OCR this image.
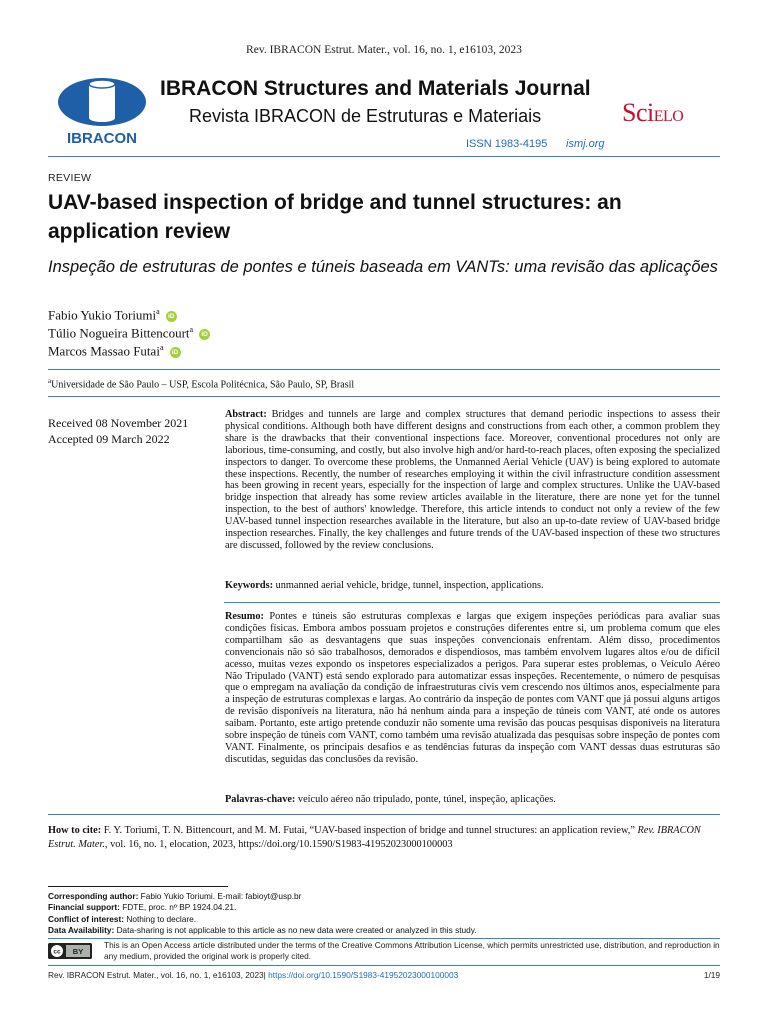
Rev. IBRACON Estrut. Mater., vol. 16, no. 1, e16103, 2023
IBRACON
IBRACON Structures and Materials Journal
Revista IBRACON de Estruturas e Materiais	SciELO
ISSN 1983-4195 ismj.org
REVIEW
UAV-based inspection of bridge and tunnel structures: an application review
Inspeção de estruturas de pontes e túneis baseada em VANTs: uma revisão das aplicações
Fabio Yukio Toriumi$^a$iD
Túlio Nogueira Bittencourt$^a$iD
Marcos Massao Futai$^a$iD
$^a$Universidade de São Paulo – USP, Escola Politécnica, São Paulo, SP, Brasil
Received 08 November 2021
Accepted 09 March 2022
Abstract: Bridges and tunnels are large and complex structures that demand periodic inspections to assess their physical conditions. Although both have different designs and constructions from each other, a common problem they share is the drawbacks that their conventional inspections face. Moreover, conventional procedures not only are laborious, time-consuming, and costly, but also involve high and/or hard-to-reach places, often exposing the specialized inspectors to danger. To overcome these problems, the Unmanned Aerial Vehicle (UAV) is being explored to automate these inspections. Recently, the number of researches employing it within the civil infrastructure condition assessment has been growing in recent years, especially for the inspection of large and complex structures. Unlike the UAV-based bridge inspection that already has some review articles available in the literature, there are none yet for the tunnel inspection, to the best of authors' knowledge. Therefore, this article intends to conduct not only a review of the few UAV-based tunnel inspection researches available in the literature, but also an up-to-date review of UAV-based bridge inspection researches. Finally, the key challenges and future trends of the UAV-based inspection of these two structures are discussed, followed by the review conclusions.
Keywords: unmanned aerial vehicle, bridge, tunnel, inspection, applications.
Resumo: Pontes e túneis são estruturas complexas e largas que exigem inspeções periódicas para avaliar suas condições físicas. Embora ambos possuam projetos e construções diferentes entre si, um problema comum que eles compartilham são as desvantagens que suas inspeções convencionais enfrentam. Além disso, procedimentos convencionais não só são trabalhosos, demorados e dispendiosos, mas também envolvem lugares altos e/ou de difícil acesso, muitas vezes expondo os inspetores especializados a perigos. Para superar estes problemas, o Veículo Aéreo Não Tripulado (VANT) está sendo explorado para automatizar essas inspeções. Recentemente, o número de pesquisas que o empregam na avaliação da condição de infraestruturas civis vem crescendo nos últimos anos, especialmente para a inspeção de estruturas complexas e largas. Ao contrário da inspeção de pontes com VANT que já possui alguns artigos de revisão disponíveis na literatura, não há nenhum ainda para a inspeção de túneis com VANT, até onde os autores saibam. Portanto, este artigo pretende conduzir não somente uma revisão das poucas pesquisas disponíveis na literatura sobre inspeção de túneis com VANT, como também uma revisão atualizada das pesquisas sobre inspeção de pontes com VANT. Finalmente, os principais desafios e as tendências futuras da inspeção com VANT dessas duas estruturas são discutidas, seguidas das conclusões da revisão.
Palavras-chave: veículo aéreo não tripulado, ponte, túnel, inspeção, aplicações.
How to cite: F. Y. Toriumi, T. N. Bittencourt, and M. M. Futai, “UAV-based inspection of bridge and tunnel structures: an application review,” Rev. IBRACON Estrut. Mater., vol. 16, no. 1, elocation, 2023, https://doi.org/10.1590/S1983-41952023000100003
Corresponding author: Fabio Yukio Toriumi. E-mail: fabioyt@usp.br
Financial support: FDTE, proc. nº BP 1924.04.21.
Conflict of interest: Nothing to declare.
Data Availability: Data-sharing is not applicable to this article as no new data were created or analyzed in this study.
cc BY
This is an Open Access article distributed under the terms of the Creative Commons Attribution License, which permits unrestricted use, distribution, and reproduction in any medium, provided the original work is properly cited.
Rev. IBRACON Estrut. Mater., vol. 16, no. 1, e16103, 2023| https://doi.org/10.1590/S1983-41952023000100003	1/19
